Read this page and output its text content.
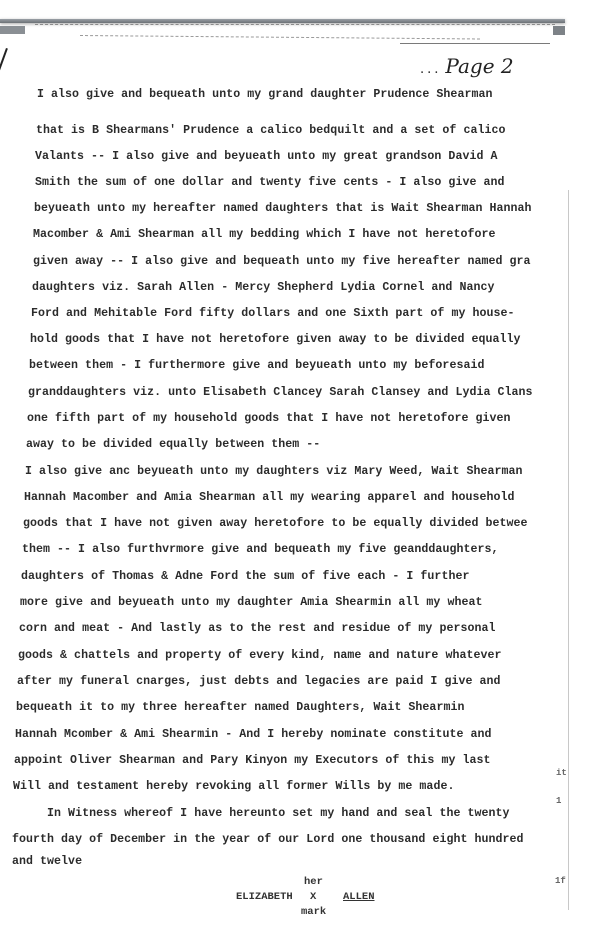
... Page 2
I also give and bequeath unto my grand daughter Prudence Shearman
that is B Shearmans' Prudence a calico bedquilt and a set of calico
Valants -- I also give and beyueath unto my great grandson David A
Smith the sum of one dollar and twenty five cents - I also give and
beyueath unto my hereafter named daughters that is Wait Shearman Hannah
Macomber & Ami Shearman all my bedding which I have not heretofore
given away -- I also give and bequeath unto my five hereafter named gra
daughters viz. Sarah Allen - Mercy Shepherd Lydia Cornel and Nancy
Ford and Mehitable Ford fifty dollars and one Sixth part of my house-
hold goods that I have not heretofore given away to be divided equally
between them - I furthermore give and beyueath unto my beforesaid
granddaughters viz. unto Elisabeth Clancey Sarah Clansey and Lydia Clans
one fifth part of my household goods that I have not heretofore given
away to be divided equally between them --
I also give anc beyueath unto my daughters viz Mary Weed, Wait Shearman
Hannah Macomber and Amia Shearman all my wearing apparel and household
goods that I have not given away heretofore to be equally divided betwee
them -- I also furthvrmore give and bequeath my five geanddaughters,
daughters of Thomas & Adne Ford the sum of five each - I further
more give and beyueath unto my daughter Amia Shearmin all my wheat
corn and meat - And lastly as to the rest and residue of my personal
goods & chattels and property of every kind, name and nature whatever
after my funeral cnarges, just debts and legacies are paid I give and
bequeath it to my three hereafter named Daughters, Wait Shearmin
Hannah Mcomber & Ami Shearmin - And I hereby nominate constitute and
appoint Oliver Shearman and Pary Kinyon my Executors of this my last
Will and testament hereby revoking all former Wills by me made.
In Witness whereof I have hereunto set my hand and seal the twenty
fourth day of December in the year of our Lord one thousand eight hundred
and twelve
her
ELIZABETH X	ALLEN
mark
it
1
1f
